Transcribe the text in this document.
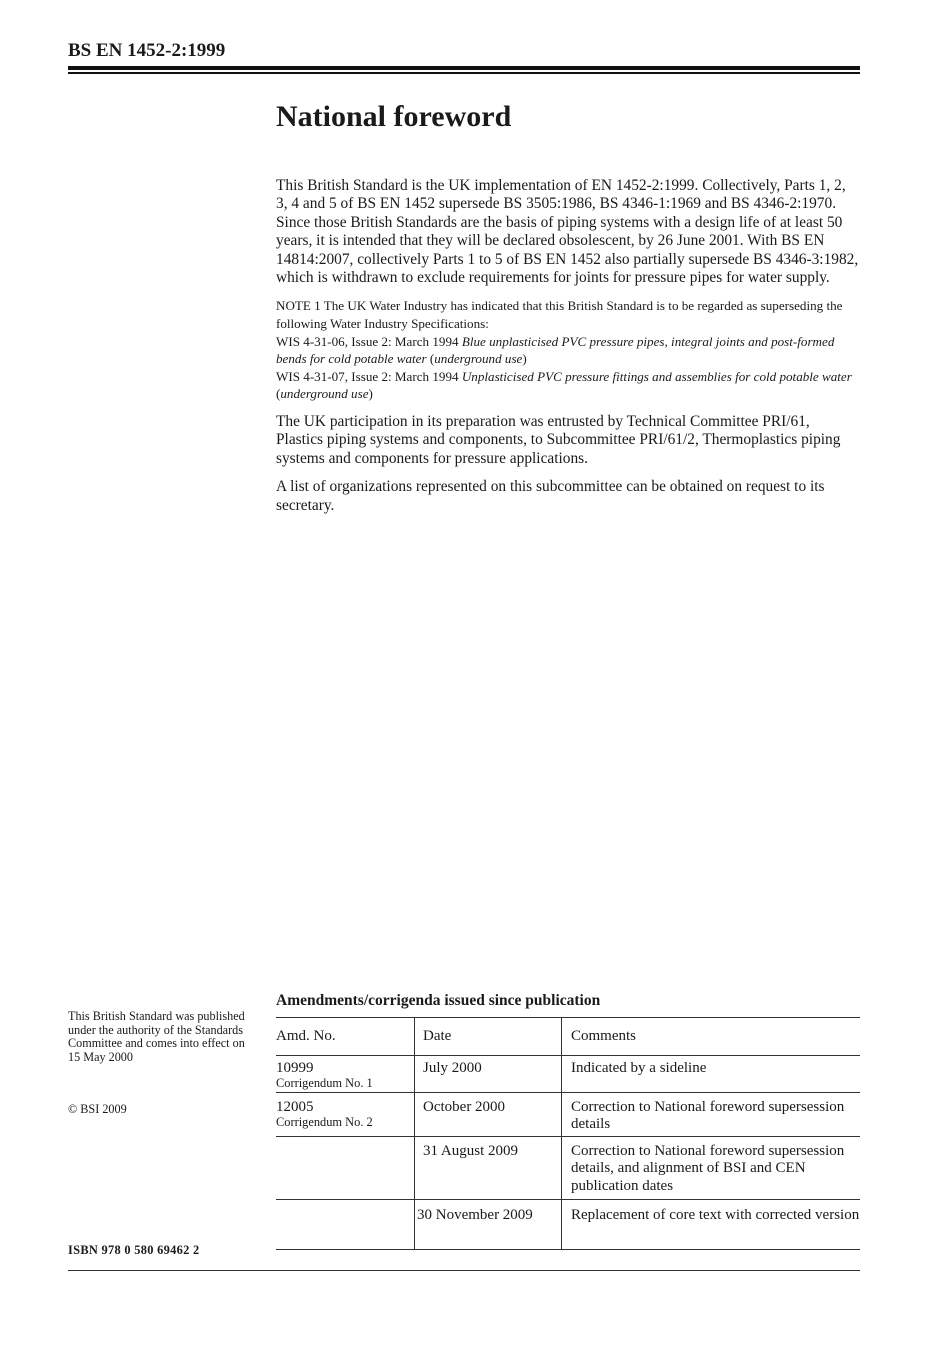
BS EN 1452-2:1999
National foreword

This British Standard is the UK implementation of EN 1452-2:1999. Collectively, Parts 1, 2, 3, 4 and 5 of BS EN 1452 supersede BS 3505:1986, BS 4346-1:1969 and BS 4346-2:1970. Since those British Standards are the basis of piping systems with a design life of at least 50 years, it is intended that they will be declared obsolescent, by 26 June 2001. With BS EN 14814:2007, collectively Parts 1 to 5 of BS EN 1452 also partially supersede BS 4346-3:1982, which is withdrawn to exclude requirements for joints for pressure pipes for water supply.

NOTE 1 The UK Water Industry has indicated that this British Standard is to be regarded as superseding the following Water Industry Specifications:
WIS 4-31-06, Issue 2: March 1994 Blue unplasticised PVC pressure pipes, integral joints and post-formed bends for cold potable water (underground use)
WIS 4-31-07, Issue 2: March 1994 Unplasticised PVC pressure fittings and assemblies for cold potable water (underground use)

The UK participation in its preparation was entrusted by Technical Committee PRI/61, Plastics piping systems and components, to Subcommittee PRI/61/2, Thermoplastics piping systems and components for pressure applications.

A list of organizations represented on this subcommittee can be obtained on request to its secretary.

This British Standard was published under the authority of the Standards Committee and comes into effect on 15 May 2000
© BSI 2009
ISBN 978 0 580 69462 2
Amendments/corrigenda issued since publication
Amd. No.	Date	Comments
10999
Corrigendum No. 1	July 2000	Indicated by a sideline
12005
Corrigendum No. 2	October 2000	Correction to National foreword supersession details

	31 August 2009	Correction to National foreword supersession details, and alignment of BSI and CEN publication dates

	30 November 2009	Replacement of core text with corrected version
